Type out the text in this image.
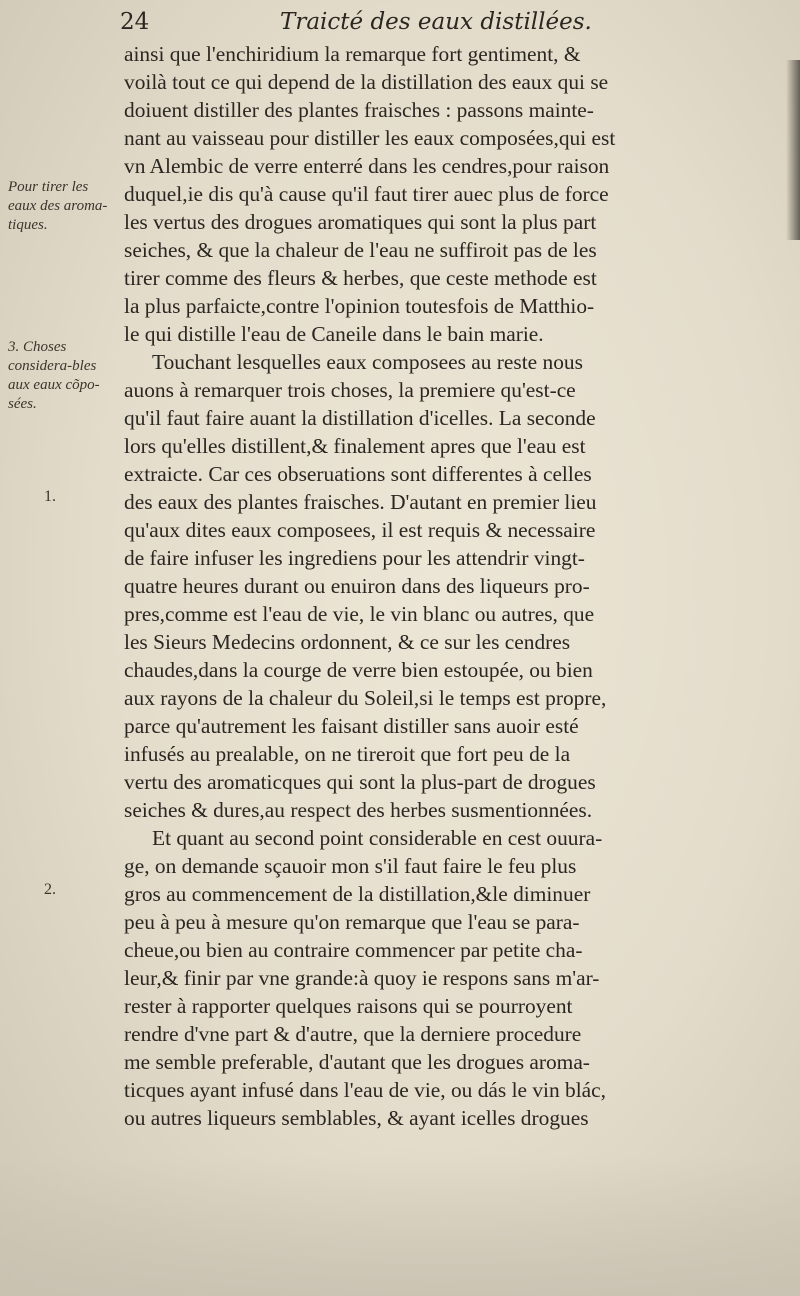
24	Traicté des eaux distillées.
Pour tirer les eaux des aroma-tiques.
3. Choses considera-bles aux eaux cõpo-sées.
1.
2.
ainsi que l'enchiridium la remarque fort gentiment, &
voilà tout ce qui depend de la distillation des eaux qui se
doiuent distiller des plantes fraisches : passons mainte-
nant au vaisseau pour distiller les eaux composées,qui est
vn Alembic de verre enterré dans les cendres,pour raison
duquel,ie dis qu'à cause qu'il faut tirer auec plus de force
les vertus des drogues aromatiques qui sont la plus part
seiches, & que la chaleur de l'eau ne suffiroit pas de les
tirer comme des fleurs & herbes, que ceste methode est
la plus parfaicte,contre l'opinion toutesfois de Matthio-
le qui distille l'eau de Caneile dans le bain marie.
Touchant lesquelles eaux composees au reste nous
auons à remarquer trois choses, la premiere qu'est-ce
qu'il faut faire auant la distillation d'icelles. La seconde
lors qu'elles distillent,& finalement apres que l'eau est
extraicte. Car ces obseruations sont differentes à celles
des eaux des plantes fraisches. D'autant en premier lieu
qu'aux dites eaux composees, il est requis & necessaire
de faire infuser les ingrediens pour les attendrir vingt-
quatre heures durant ou enuiron dans des liqueurs pro-
pres,comme est l'eau de vie, le vin blanc ou autres, que
les Sieurs Medecins ordonnent, & ce sur les cendres
chaudes,dans la courge de verre bien estoupée, ou bien
aux rayons de la chaleur du Soleil,si le temps est propre,
parce qu'autrement les faisant distiller sans auoir esté
infusés au prealable, on ne tireroit que fort peu de la
vertu des aromaticques qui sont la plus-part de drogues
seiches & dures,au respect des herbes susmentionnées.
Et quant au second point considerable en cest ouura-
ge, on demande sçauoir mon s'il faut faire le feu plus
gros au commencement de la distillation,&le diminuer
peu à peu à mesure qu'on remarque que l'eau se para-
cheue,ou bien au contraire commencer par petite cha-
leur,& finir par vne grande:à quoy ie respons sans m'ar-
rester à rapporter quelques raisons qui se pourroyent
rendre d'vne part & d'autre, que la derniere procedure
me semble preferable, d'autant que les drogues aroma-
ticques ayant infusé dans l'eau de vie, ou dás le vin blác,
ou autres liqueurs semblables, & ayant icelles drogues
